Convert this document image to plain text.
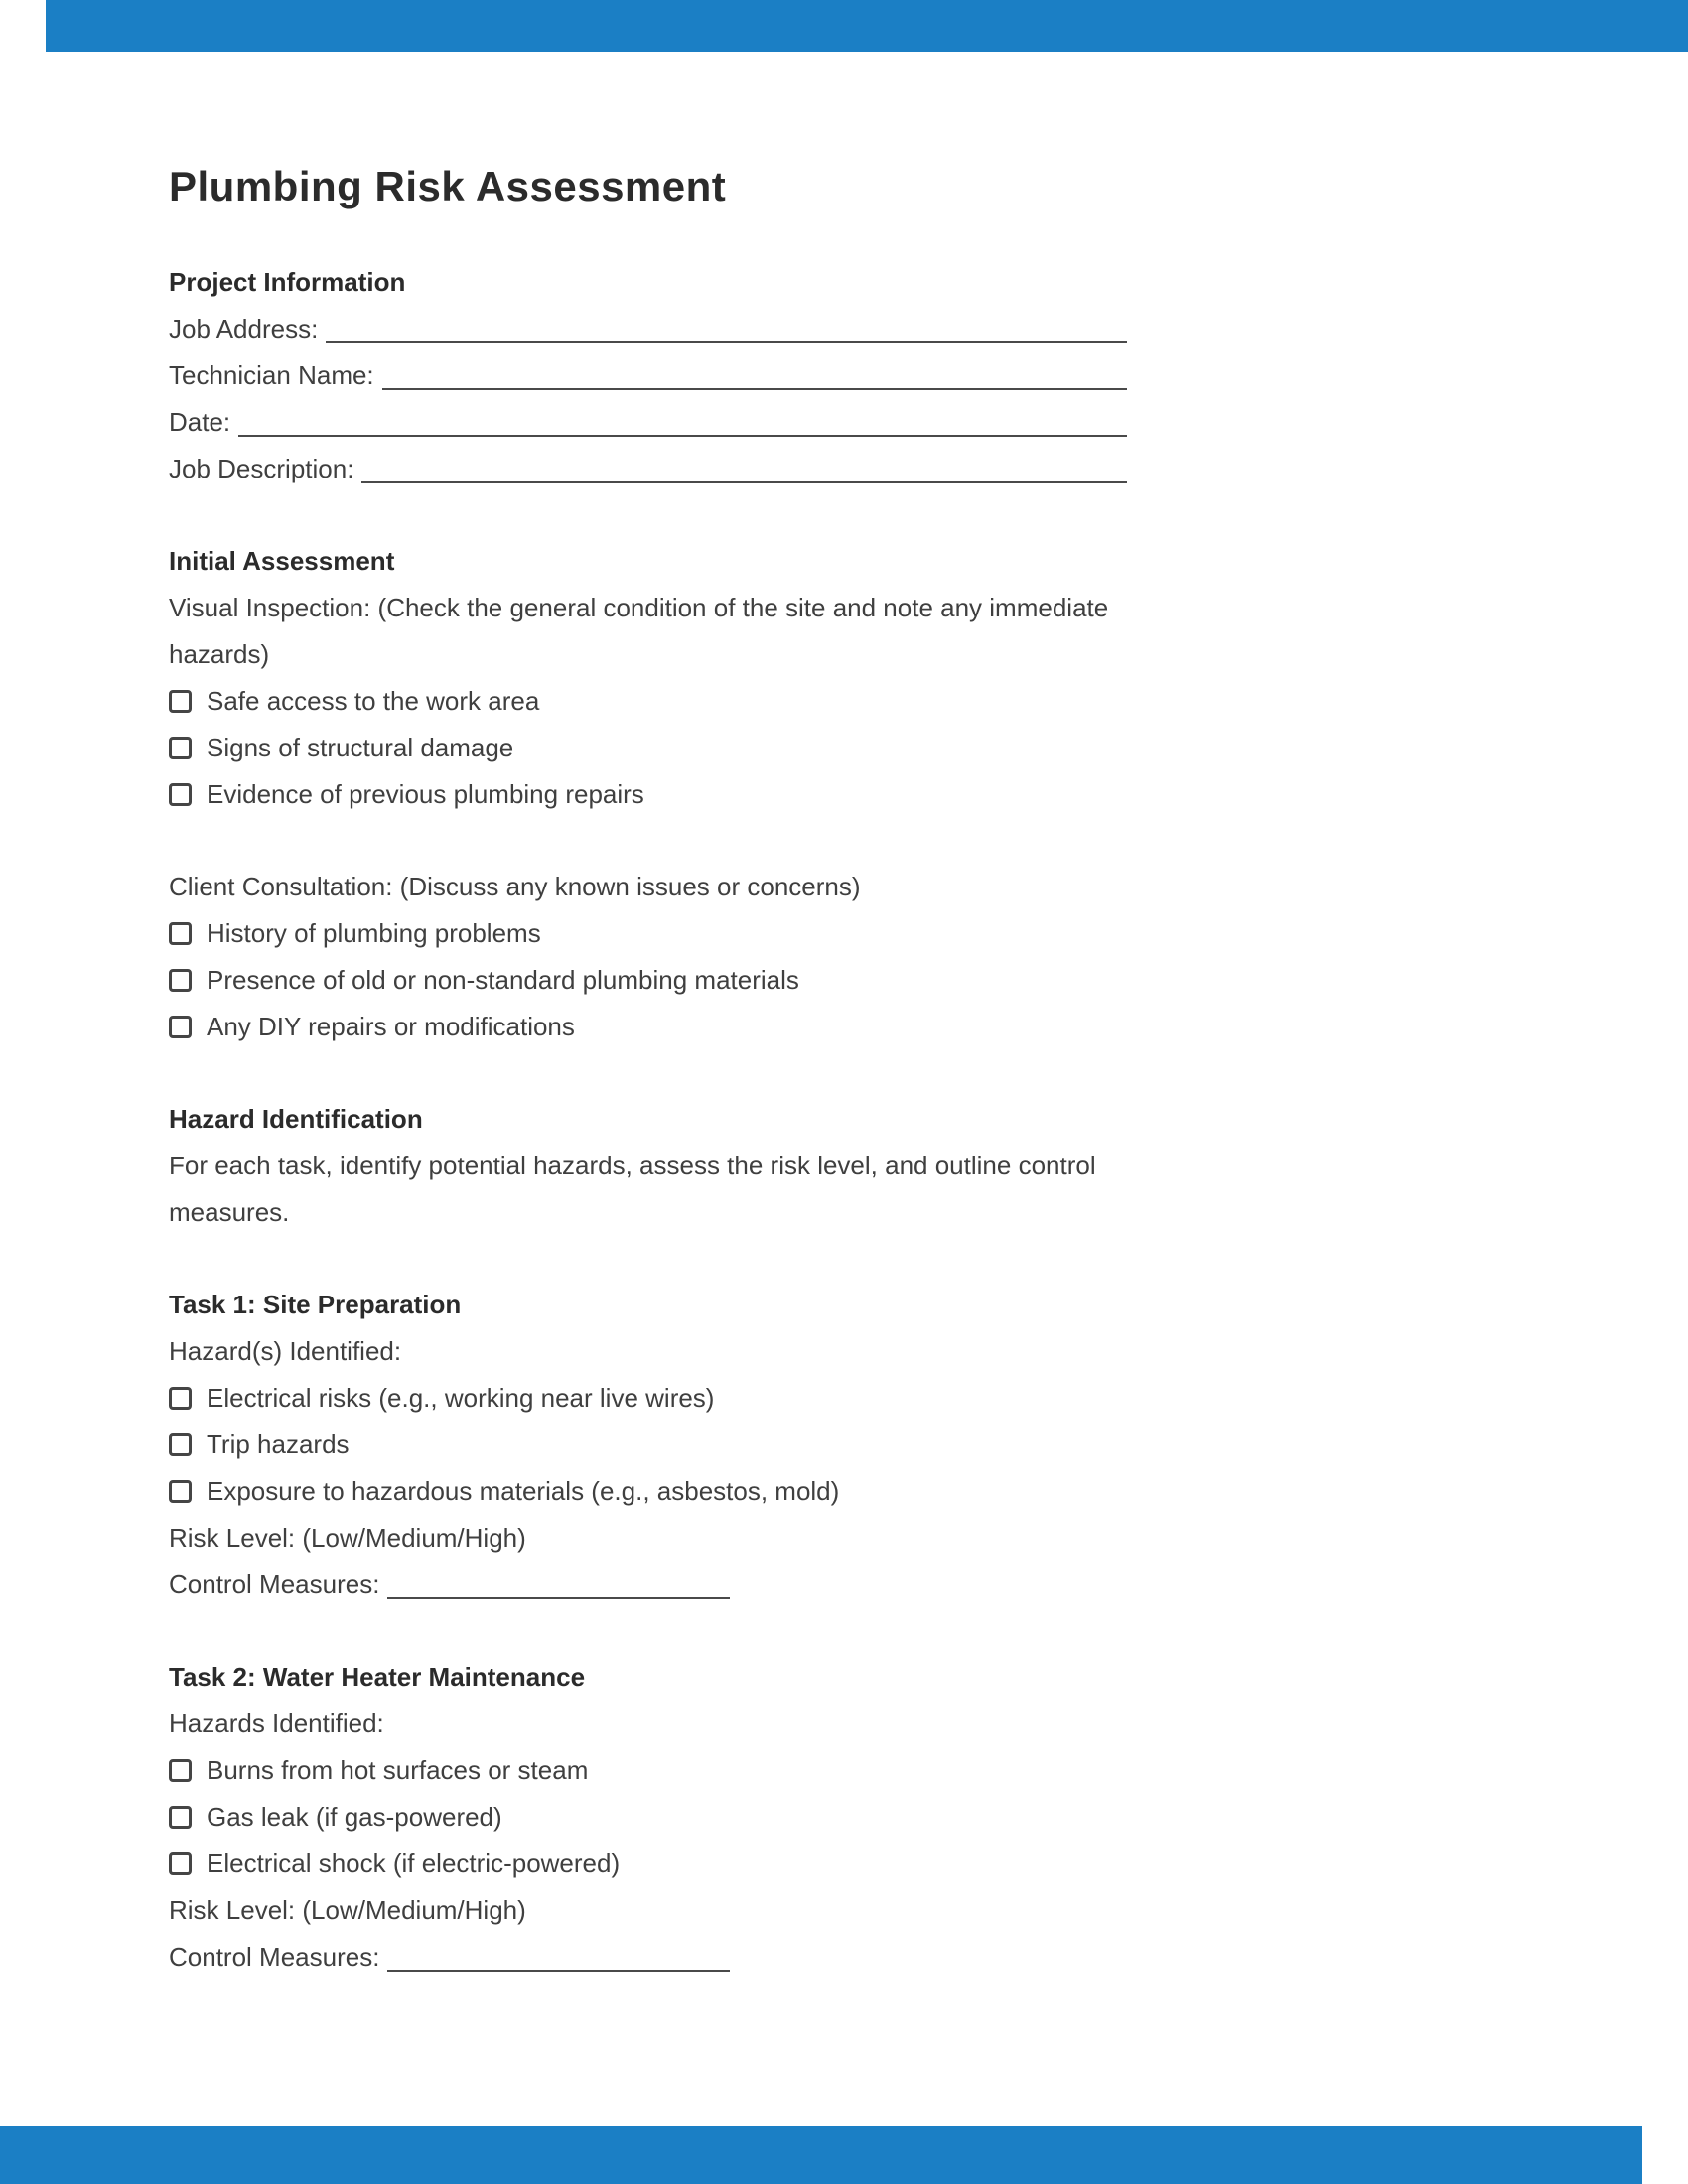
Plumbing Risk Assessment
Project Information
Job Address:
Technician Name:
Date:
Job Description:
Initial Assessment
Visual Inspection: (Check the general condition of the site and note any immediate hazards)
Safe access to the work area
Signs of structural damage
Evidence of previous plumbing repairs
Client Consultation: (Discuss any known issues or concerns)
History of plumbing problems
Presence of old or non-standard plumbing materials
Any DIY repairs or modifications
Hazard Identification
For each task, identify potential hazards, assess the risk level, and outline control measures.
Task 1: Site Preparation
Hazard(s) Identified:
Electrical risks (e.g., working near live wires)
Trip hazards
Exposure to hazardous materials (e.g., asbestos, mold)
Risk Level: (Low/Medium/High)
Control Measures:
Task 2: Water Heater Maintenance
Hazards Identified:
Burns from hot surfaces or steam
Gas leak (if gas-powered)
Electrical shock (if electric-powered)
Risk Level: (Low/Medium/High)
Control Measures:
